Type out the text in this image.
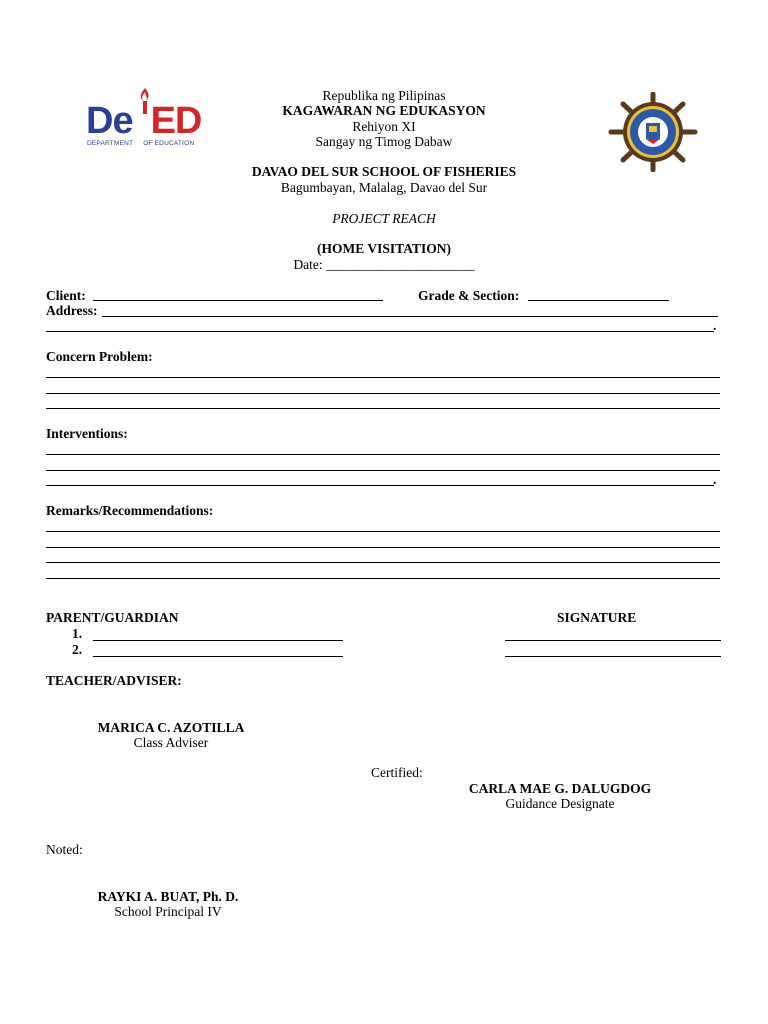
De ED
DEPARTMENT OF EDUCATION
Republika ng Pilipinas
KAGAWARAN NG EDUKASYON
Rehiyon XI
Sangay ng Timog Dabaw
DAVAO DEL SUR SCHOOL OF FISHERIES
Bagumbayan, Malalag, Davao del Sur
PROJECT REACH
(HOME VISITATION)
Date: ______________________
Client:	Grade & Section:
Address:
.
Concern Problem:
Interventions:
.
Remarks/Recommendations:
PARENT/GUARDIAN	SIGNATURE
1.
2.
TEACHER/ADVISER:
MARICA C. AZOTILLA
Class Adviser
Certified:
CARLA MAE G. DALUGDOG
Guidance Designate
Noted:
RAYKI A. BUAT, Ph. D.
School Principal IV
